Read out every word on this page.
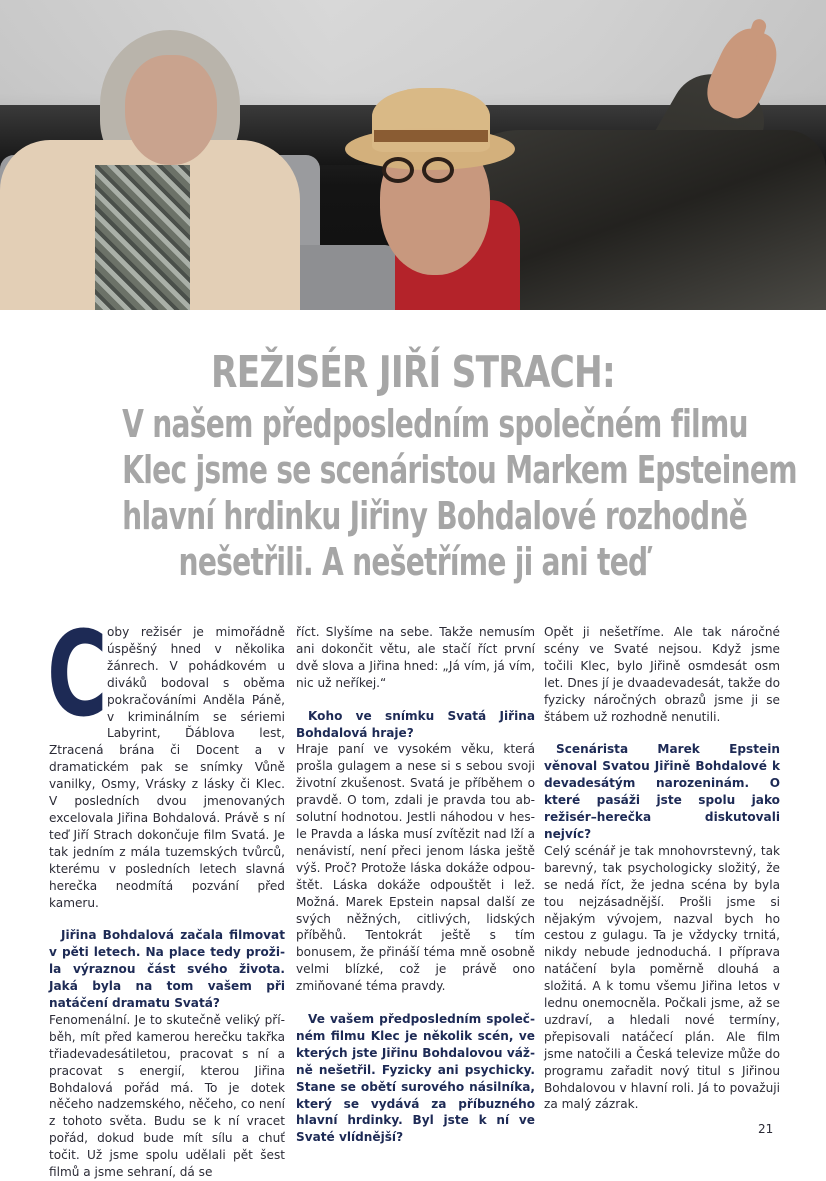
REŽISÉR JIŘÍ STRACH:
V našem předposledním společném filmu
Klec jsme se scenáristou Markem Epsteinem
hlavní hrdinku Jiřiny Bohdalové rozhodně
nešetřili. A nešetříme ji ani teď
C oby režisér je mimořádně úspěšný hned v několika žánrech. V pohádkovém u diváků bodoval s oběma pokračováními Anděla Páně, v kriminálním se sériemi Labyrint, Ďáblova lest, Ztracená brána či Docent a v dramatickém pak se snímky Vůně vanilky, Osmy, Vrásky z lásky či Klec. V posledních dvou jmenovaných excelovala Jiřina Bohdalová. Právě s ní teď Jiří Strach dokončuje film Svatá. Je tak jedním z mála tuzemských tvůrců, kterému v posledních letech slavná herečka neodmítá pozvání před kameru.

Jiřina Bohdalová začala filmovat v pěti letech. Na place tedy prožila výraznou část svého života. Jaká byla na tom vašem při natáčení dramatu Svatá?

Fenomenální. Je to skutečně veliký příběh, mít před kamerou herečku takřka třiadevadesátiletou, pracovat s ní a pracovat s energií, kterou Jiřina Bohdalová pořád má. To je dotek něčeho nadzemského, něčeho, co není z tohoto světa. Budu se k ní vracet pořád, dokud bude mít sílu a chuť točit. Už jsme spolu udělali pět šest filmů a jsme sehraní, dá se

říct. Slyšíme na sebe. Takže nemusím ani dokončit větu, ale stačí říct první dvě slova a Jiřina hned: „Já vím, já vím, nic už neříkej.“

Koho ve snímku Svatá Jiřina Bohdalová hraje?

Hraje paní ve vysokém věku, která prošla gulagem a nese si s sebou svoji životní zkušenost. Svatá je příběhem o pravdě. O tom, zdali je pravda tou absolutní hodnotou. Jestli náhodou v hesle Pravda a láska musí zvítězit nad lží a nenávistí, není přeci jenom láska ještě výš. Proč? Protože láska dokáže odpouštět. Láska dokáže odpouštět i lež. Možná. Marek Epstein napsal další ze svých něžných, citlivých, lidských příběhů. Tentokrát ještě s tím bonusem, že přináší téma mně osobně velmi blízké, což je právě ono zmiňované téma pravdy.

Ve vašem předposledním společném filmu Klec je několik scén, ve kterých jste Jiřinu Bohdalovou vážně nešetřil. Fyzicky ani psychicky. Stane se obětí surového násilníka, který se vydává za příbuzného hlavní hrdinky. Byl jste k ní ve Svaté vlídnější?

Opět ji nešetříme. Ale tak náročné scény ve Svaté nejsou. Když jsme točili Klec, bylo Jiřině osmdesát osm let. Dnes jí je dvaadevadesát, takže do fyzicky náročných obrazů jsme ji se štábem už rozhodně nenutili.

Scenárista Marek Epstein věnoval Svatou Jiřině Bohdalové k devadesátým narozeninám. O které pasáži jste spolu jako režisér–herečka diskutovali nejvíc?

Celý scénář je tak mnohovrstevný, tak barevný, tak psychologicky složitý, že se nedá říct, že jedna scéna by byla tou nejzásadnější. Prošli jsme si nějakým vývojem, nazval bych ho cestou z gulagu. Ta je vždycky trnitá, nikdy nebude jednoduchá. I příprava natáčení byla poměrně dlouhá a složitá. A k tomu všemu Jiřina letos v lednu onemocněla. Počkali jsme, až se uzdraví, a hledali nové termíny, přepisovali natáčecí plán. Ale film jsme natočili a Česká televize může do programu zařadit nový titul s Jiřinou Bohdalovou v hlavní roli. Já to považuji za malý zázrak.

21
